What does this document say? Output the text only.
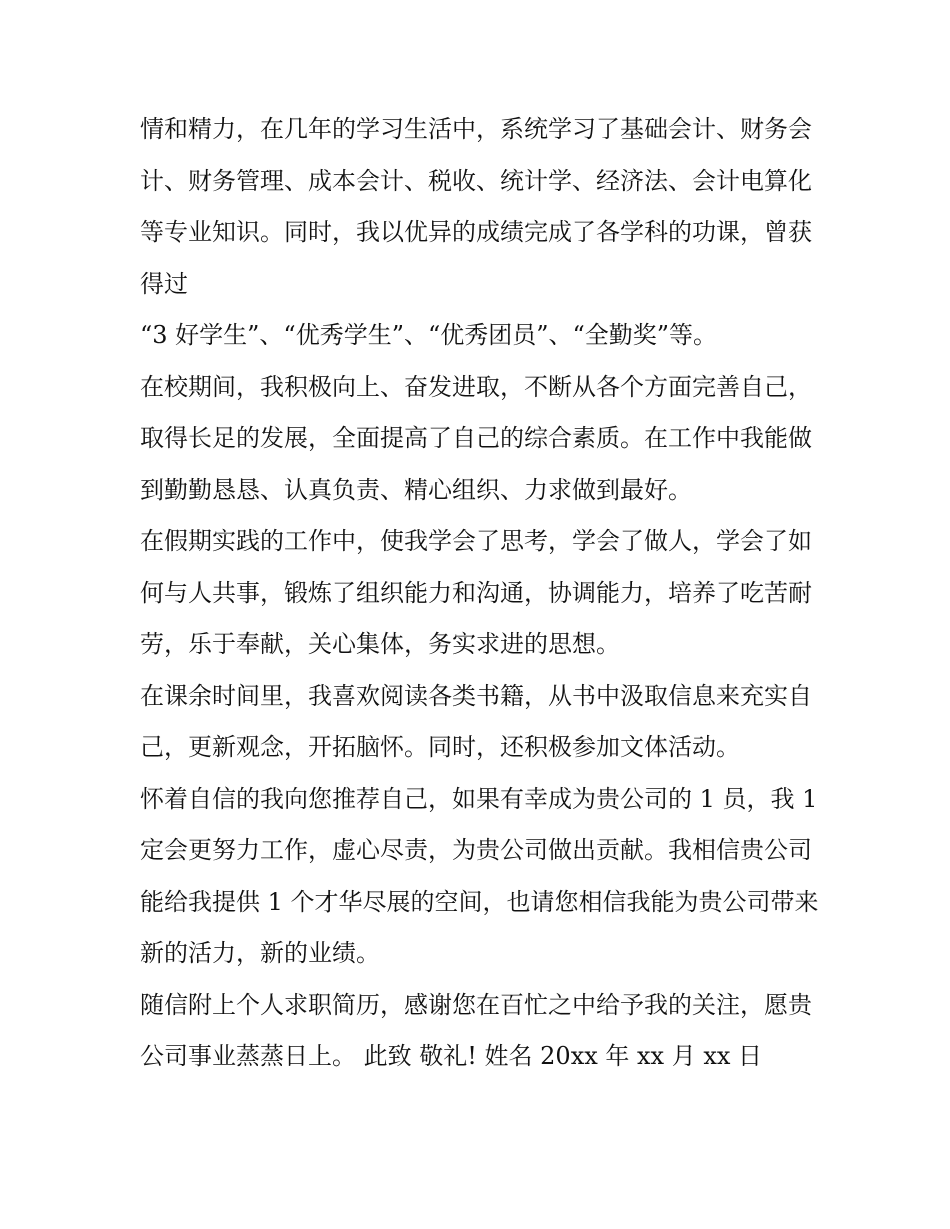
情和精力，在几年的学习生活中，系统学习了基础会计、财务会计、财务管理、成本会计、税收、统计学、经济法、会计电算化等专业知识。同时，我以优异的成绩完成了各学科的功课，曾获得过

“3 好学生”、“优秀学生”、“优秀团员”、“全勤奖”等。

在校期间，我积极向上、奋发进取，不断从各个方面完善自己，取得长足的发展，全面提高了自己的综合素质。在工作中我能做到勤勤恳恳、认真负责、精心组织、力求做到最好。

在假期实践的工作中，使我学会了思考，学会了做人，学会了如何与人共事，锻炼了组织能力和沟通，协调能力，培养了吃苦耐劳，乐于奉献，关心集体，务实求进的思想。

在课余时间里，我喜欢阅读各类书籍，从书中汲取信息来充实自己，更新观念，开拓脑怀。同时，还积极参加文体活动。

怀着自信的我向您推荐自己，如果有幸成为贵公司的 1 员，我 1 定会更努力工作，虚心尽责，为贵公司做出贡献。我相信贵公司能给我提供 1 个才华尽展的空间，也请您相信我能为贵公司带来新的活力，新的业绩。

随信附上个人求职简历，感谢您在百忙之中给予我的关注，愿贵公司事业蒸蒸日上。 此致 敬礼! 姓名 20xx 年 xx 月 xx 日
